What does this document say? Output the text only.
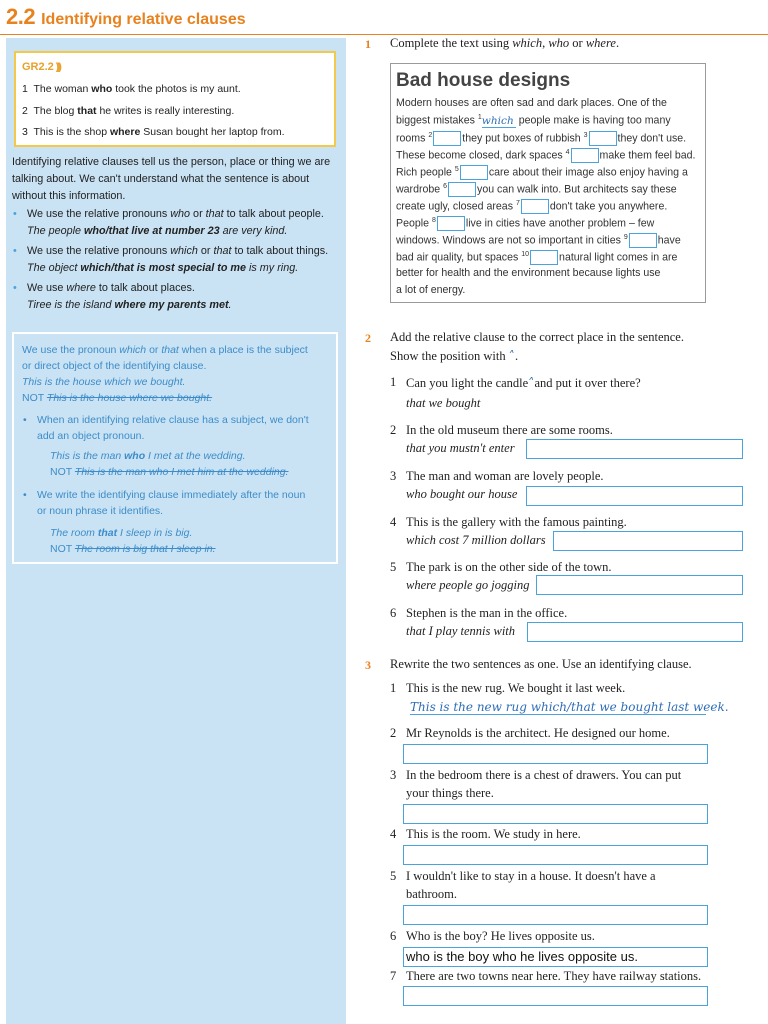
2.2 Identifying relative clauses
GR2.2 )))
1 The woman who took the photos is my aunt.
2 The blog that he writes is really interesting.
3 This is the shop where Susan bought her laptop from.
Identifying relative clauses tell us the person, place or thing we are talking about. We can't understand what the sentence is about without this information.
• We use the relative pronouns who or that to talk about people.
The people who/that live at number 23 are very kind.
• We use the relative pronouns which or that to talk about things.
The object which/that is most special to me is my ring.
• We use where to talk about places.
Tiree is the island where my parents met.
We use the pronoun which or that when a place is the subject
or direct object of the identifying clause.
This is the house which we bought.
NOT This is the house where we bought.
• When an identifying relative clause has a subject, we don't
add an object pronoun.
This is the man who I met at the wedding.
NOT This is the man who I met him at the wedding.
• We write the identifying clause immediately after the noun
or noun phrase it identifies.
The room that I sleep in is big.
NOT The room is big that I sleep in.
1 Complete the text using which, who or where.
Bad house designs
Modern houses are often sad and dark places. One of the
biggest mistakes $^1$which people make is having too many
rooms $^2$	they put boxes of rubbish $^3$	they don't use.
These become closed, dark spaces $^4$	make them feel bad.
Rich people $^5$	care about their image also enjoy having a
wardrobe $^6$	you can walk into. But architects say these
create ugly, closed areas $^7$	don't take you anywhere.
People $^8$	live in cities have another problem – few
windows. Windows are not so important in cities $^9$	have
bad air quality, but spaces $^{10}$	natural light comes in are
better for health and the environment because lights use
a lot of energy.
2 Add the relative clause to the correct place in the sentence.
Show the position with ˄.
1 Can you light the candle˄and put it over there?
that we bought
2 In the old museum there are some rooms.
that you mustn't enter
3 The man and woman are lovely people.
who bought our house
4 This is the gallery with the famous painting.
which cost 7 million dollars
5 The park is on the other side of the town.
where people go jogging
6 Stephen is the man in the office.
that I play tennis with
3 Rewrite the two sentences as one. Use an identifying clause.
1 This is the new rug. We bought it last week.
This is the new rug which/that we bought last week.
2 Mr Reynolds is the architect. He designed our home.
3 In the bedroom there is a chest of drawers. You can put
your things there.
4 This is the room. We study in here.
5 I wouldn't like to stay in a house. It doesn't have a
bathroom.
6 Who is the boy? He lives opposite us.
who is the boy who he lives opposite us.
7 There are two towns near here. They have railway stations.
